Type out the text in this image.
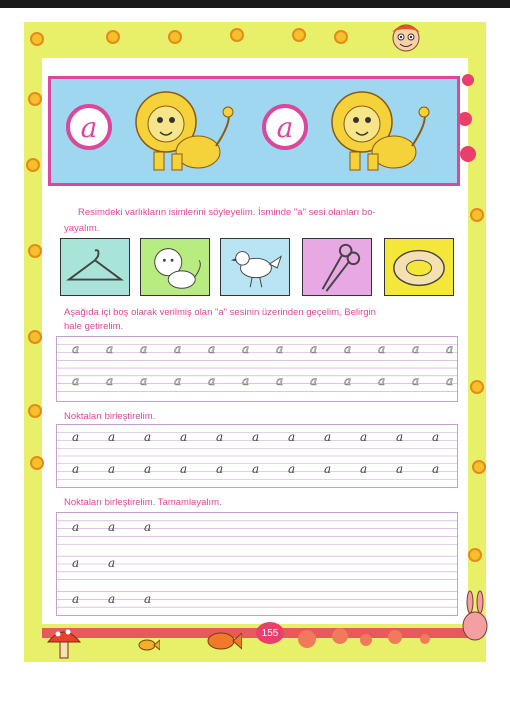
a	a
Resimdeki varlıkların isimlerini söyleyelim. İsminde "a" sesi olanları bo-
yayalım.
Aşağıda içi boş olarak verilmiş olan "a" sesinin üzerinden geçelim. Belirgin
hale getirelim.
a a a a a a a a a a a a
a a a a a a a a a a a a
Noktaları birleştirelim.
a a a a a a a a a a a
a a a a a a a a a a a
Noktaları birleştirelim. Tamamlayalım.
a a a
a a
a a a
155
